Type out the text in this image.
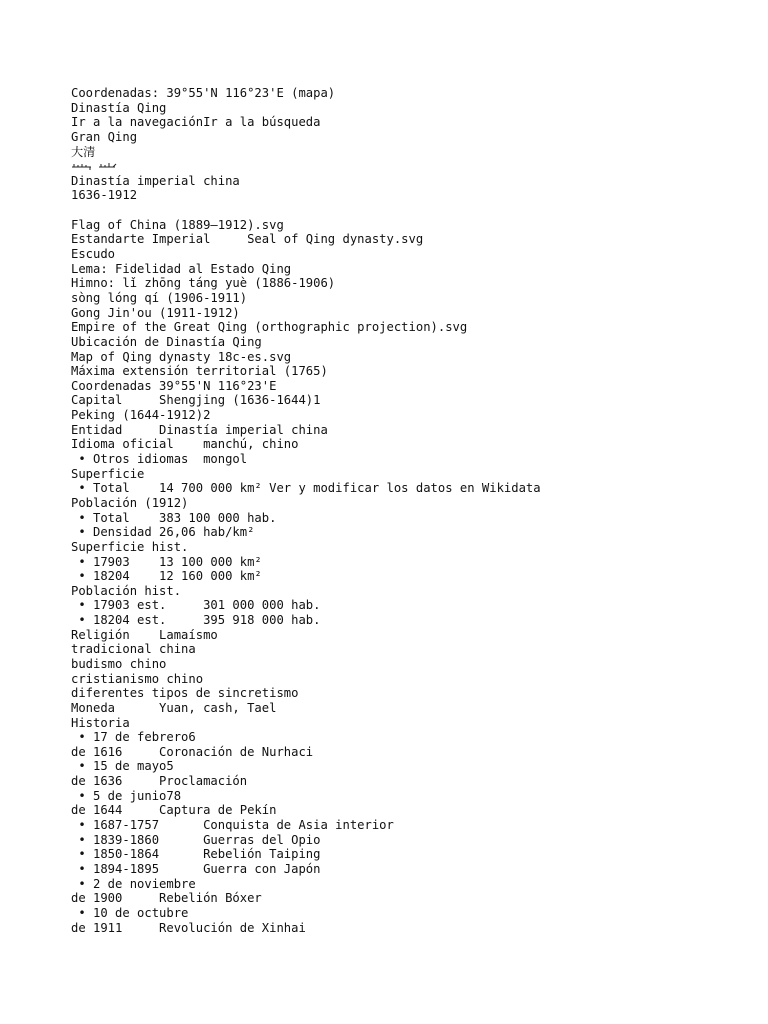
Coordenadas: 39°55'N 116°23'E (mapa)
Dinastía Qing
Ir a la navegaciónIr a la búsqueda
Gran Qing
大清
Dinastía imperial china
1636-1912
Flag of China (1889–1912).svg
Estandarte Imperial     Seal of Qing dynasty.svg
Escudo
Lema: Fidelidad al Estado Qing
Himno: lǐ zhōng táng yuè (1886-1906)
sòng lóng qí (1906-1911)
Gong Jin'ou (1911-1912)
Empire of the Great Qing (orthographic projection).svg
Ubicación de Dinastía Qing
Map of Qing dynasty 18c-es.svg
Máxima extensión territorial (1765)
Coordenadas 39°55'N 116°23'E
Capital     Shengjing (1636-1644)1
Peking (1644-1912)2
Entidad     Dinastía imperial china
Idioma oficial    manchú, chino
• Otros idiomas  mongol
Superficie
• Total    14 700 000 km² Ver y modificar los datos en Wikidata
Población (1912)
• Total    383 100 000 hab.
• Densidad 26,06 hab/km²
Superficie hist.
• 17903    13 100 000 km²
• 18204    12 160 000 km²
Población hist.
• 17903 est.     301 000 000 hab.
• 18204 est.     395 918 000 hab.
Religión    Lamaísmo
tradicional china
budismo chino
cristianismo chino
diferentes tipos de sincretismo
Moneda      Yuan, cash, Tael
Historia
• 17 de febrero6
de 1616     Coronación de Nurhaci
• 15 de mayo5
de 1636     Proclamación
• 5 de junio78
de 1644     Captura de Pekín
• 1687-1757      Conquista de Asia interior
• 1839-1860      Guerras del Opio
• 1850-1864      Rebelión Taiping
• 1894-1895      Guerra con Japón
• 2 de noviembre
de 1900     Rebelión Bóxer
• 10 de octubre
de 1911     Revolución de Xinhai
